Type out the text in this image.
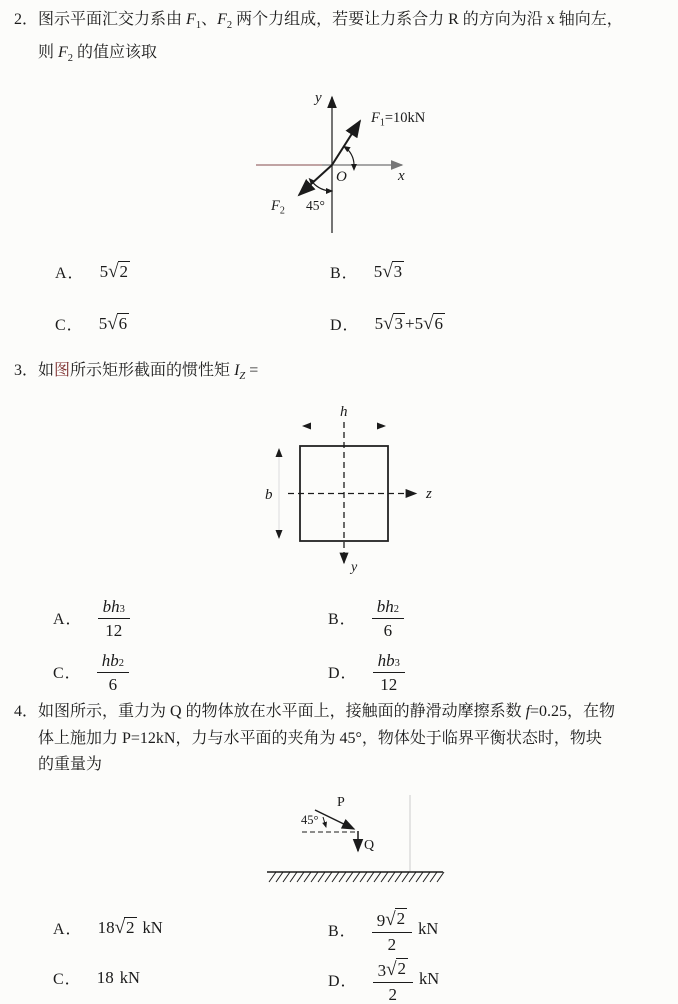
2．图示平面汇交力系由 $F_1$、$F_2$ 两个力组成，若要让力系合力 R 的方向为沿 x 轴向左，
则 $F_2$ 的值应该取
y
x
O
$F_1=10kN$
$F_2$ 45°
A． 5√2	B． 5√3
C． 5√6	D． 5√3 +5√6
3．如图所示矩形截面的惯性矩 $I_Z$ =
h
b	z
y
A． $\frac{bh 3}{12}$	B． $\frac{bh 2}{6}$
C． $\frac{hb 2}{6}$	D． $\frac{hb 3}{12}$
4．如图所示，重力为 Q 的物体放在水平面上，接触面的静滑动摩擦系数 f=0.25，在物
体上施加力 P=12kN，力与水平面的夹角为 45°，物体处于临界平衡状态时，物块
的重量为
45°
P
Q
A． 18√2 kN	B． $\frac{9 √ 2}{2}$ kN
C． 18 kN	D． $\frac{3 √ 2}{2}$ kN
